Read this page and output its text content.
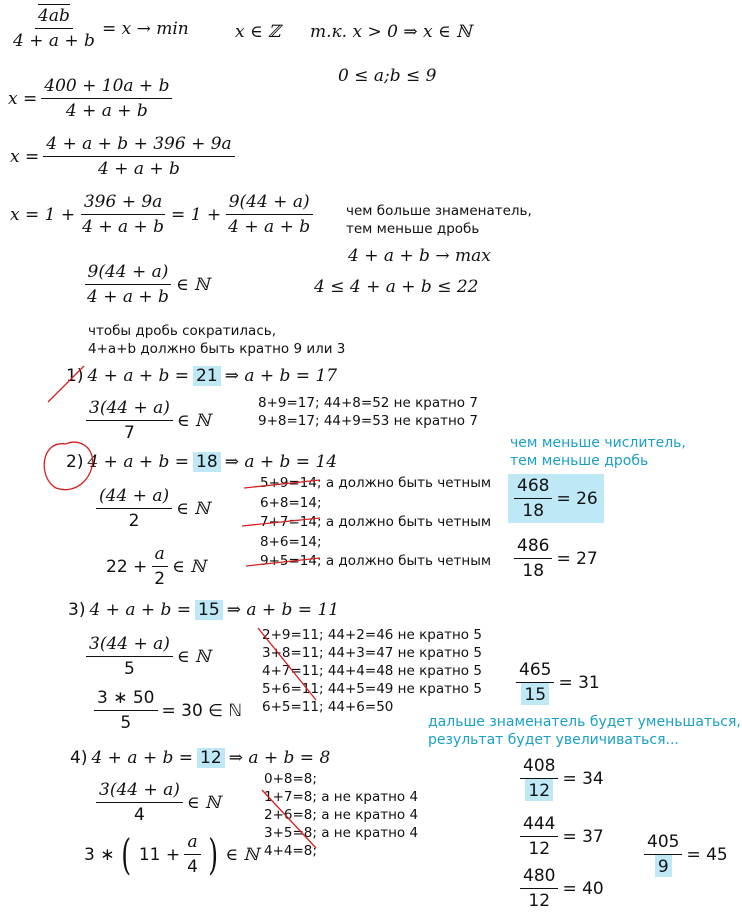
$\frac{4ab}{4 + a + b} = x \to \min$	x ∈ ℤ т.к. x > 0 ⇒ x ∈ ℕ
0 ≤ a;b ≤ 9
$x = \frac{400 + 10a + b}{4 + a + b}$
$x = \frac{4 + a + b + 396 + 9a}{4 + a + b}$
$x = 1 + \frac{396 + 9a}{4 + a + b} = 1 + \frac{9(44 + a)}{4 + a + b}$ чем больше знаменатель,
тем меньше дробь
4 + a + b → max
$\frac{9(44 + a)}{4 + a + b}$ ∈ ℕ	4 ≤ 4 + a + b ≤ 22
чтобы дробь сократилась,
4+a+b должно быть кратно 9 или 3
1) 4 + a + b = 21 ⇒ a + b = 17
$\frac{3(44 + a)}{7}$ ∈ ℕ
8+9=17; 44+8=52 не кратно 7
9+8=17; 44+9=53 не кратно 7
2) 4 + a + b = 18 ⇒ a + b = 14
$\frac{(44 + a)}{2}$ ∈ ℕ
$22 + \frac{a}{2}$ ∈ ℕ
5+9=14; а должно быть четным
6+8=14;
7+7=14; а должно быть четным
8+6=14;
9+5=14; а должно быть четным
чем меньше числитель,
тем меньше дробь
$\frac{468}{18} = 26$
$\frac{486}{18} = 27$
3) 4 + a + b = 15 ⇒ a + b = 11
$\frac{3(44 + a)}{5}$ ∈ ℕ
$\frac{3 ∗ 50}{5} = 30$ ∈ ℕ
2+9=11; 44+2=46 не кратно 5
3+8=11; 44+3=47 не кратно 5
4+7=11; 44+4=48 не кратно 5
5+6=11; 44+5=49 не кратно 5
6+5=11; 44+6=50
$\frac{465}{15} = 31$
дальше знаменатель будет уменьшаться,
результат будет увеличиваться...
4) 4 + a + b = 12 ⇒ a + b = 8
$\frac{3(44 + a)}{4}$ ∈ ℕ
3 ∗ ( $11 + \frac{a}{4}$ ) ∈ ℕ
0+8=8;
1+7=8; а не кратно 4
2+6=8; а не кратно 4
3+5=8; а не кратно 4
4+4=8;
$\frac{408}{12} = 34$
$\frac{444}{12} = 37$
$\frac{480}{12} = 40$
$\frac{405}{9} = 45$
